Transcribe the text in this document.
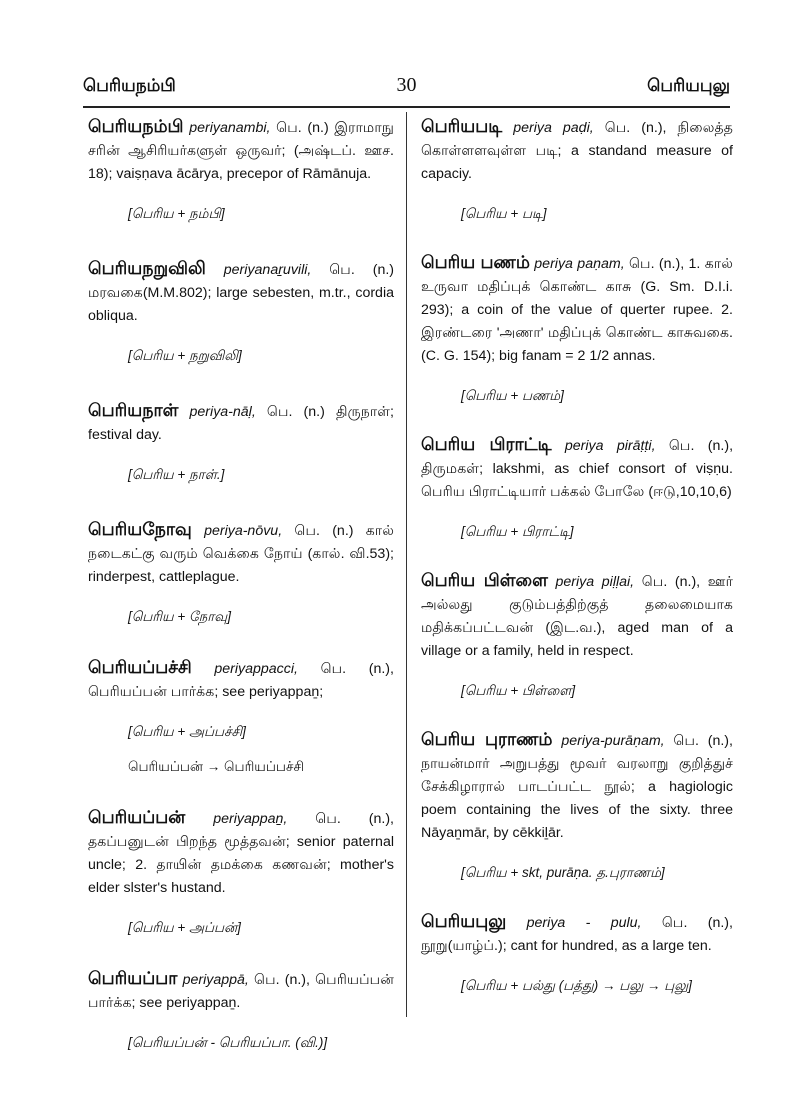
பெரியநம்பி	30	பெரியபுலு
பெரியநம்பி periyanambi, பெ. (n.) இராமாநு சரின் ஆசிரியர்களுள் ஒருவர்; (அஷ்டப். ஊச. 18); vaiṣṇava ācārya, precepor of Rāmānuja.
[பெரிய + நம்பி]
பெரியநறுவிலி periyanaṟuvili, பெ. (n.) மரவகை(M.M.802); large sebesten, m.tr., cordia obliqua.
[பெரிய + நறுவிலி]
பெரியநாள் periya-nāḷ, பெ. (n.) திருநாள்; festival day.
[பெரிய + நாள்.]
பெரியநோவு periya-nōvu, பெ. (n.) கால் நடைகட்கு வரும் வெக்கை நோய் (கால். வி.53); rinderpest, cattleplague.
[பெரிய + நோவு]
பெரியப்பச்சி periyappacci, பெ. (n.), பெரியப்பன் பார்க்க; see periyappaṉ;
[பெரிய + அப்பச்சி]
பெரியப்பன் → பெரியப்பச்சி
பெரியப்பன் periyappaṉ, பெ. (n.), தகப்பனுடன் பிறந்த மூத்தவன்; senior paternal uncle; 2. தாயின் தமக்கை கணவன்; mother's elder slster's hustand.
[பெரிய + அப்பன்]
பெரியப்பா periyappā, பெ. (n.), பெரியப்பன் பார்க்க; see periyappaṉ.
[பெரியப்பன் - பெரியப்பா. (வி.)]
பெரியபடி periya paḍi, பெ. (n.), நிலைத்த கொள்ளளவுள்ள படி; a standand measure of capaciy.
[பெரிய + படி]
பெரிய பணம் periya paṇam, பெ. (n.), 1. கால் உருவா மதிப்புக் கொண்ட காசு (G. Sm. D.I.i. 293); a coin of the value of querter rupee. 2. இரண்டரை 'அணா' மதிப்புக் கொண்ட காசுவகை. (C. G. 154); big fanam = 2 1/2 annas.
[பெரிய + பணம்]
பெரிய பிராட்டி periya pirāṭṭi, பெ. (n.), திருமகள்; lakshmi, as chief consort of viṣṇu. பெரிய பிராட்டியார் பக்கல் போலே (ஈடு,10,10,6)
[பெரிய + பிராட்டி]
பெரிய பிள்ளை periya piḷḷai, பெ. (n.), ஊர் அல்லது குடும்பத்திற்குத் தலைமையாக மதிக்கப்பட்டவன் (இட.வ.), aged man of a village or a family, held in respect.
[பெரிய + பிள்ளை]
பெரிய புராணம் periya-purāṇam, பெ. (n.), நாயன்மார் அறுபத்து மூவர் வரலாறு குறித்துச் சேக்கிழாரால் பாடப்பட்ட நூல்; a hagiologic poem containing the lives of the sixty. three Nāyaṉmār, by cēkkiḻār.
[பெரிய + skt, purāṇa. த.புராணம்]
பெரியபுலு periya - pulu, பெ. (n.), நூறு(யாழ்ப்.); cant for hundred, as a large ten.
[பெரிய + பல்து (பத்து) → பலு → புலு]
